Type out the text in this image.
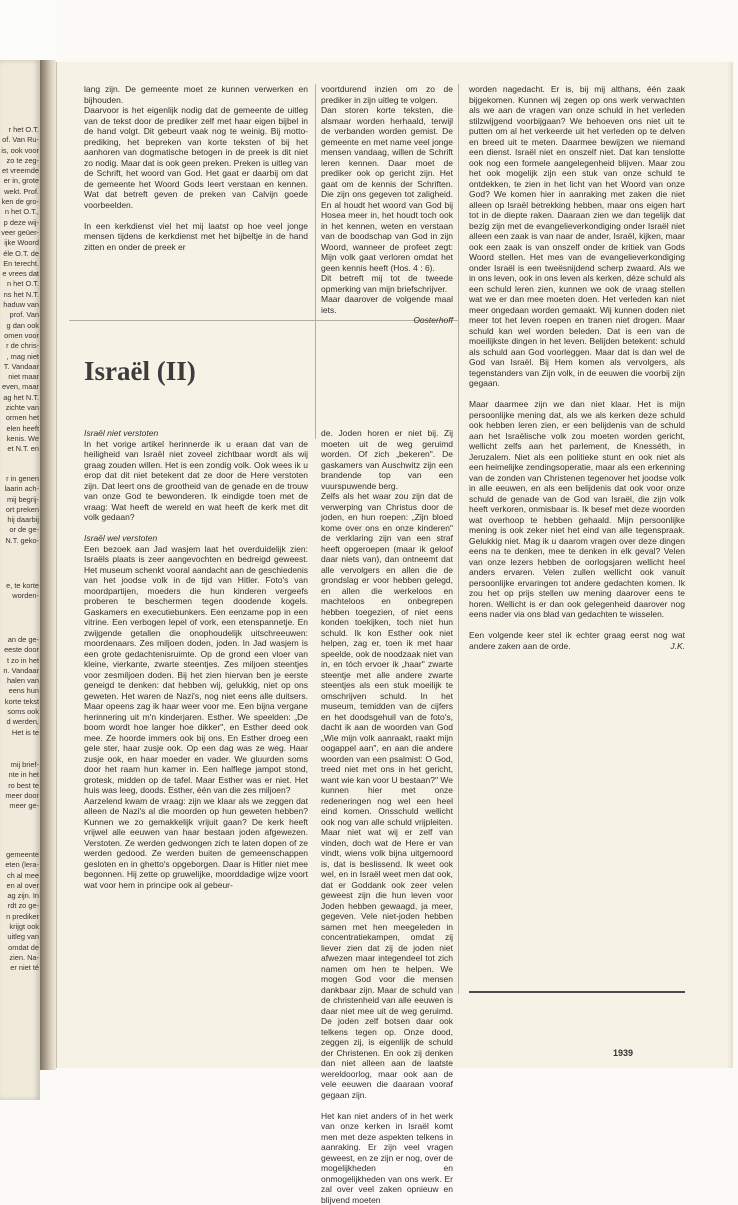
r het O.T.
of. Van Ru-
is, ook voor
zo te zeg-
et vreemde
er in, grote
wekt. Prof.
ken de gro-
n het O.T.,
p deze wij-
veer geüer-
ijke Woord
éle O.T. de
En terecht.
e vrees dat
n het O.T.
ns het N.T.
haduw van
prof. Van
g dan ook
omen voor
r de chris-
, mag niet
T. Vandaar
niet maar
even, maar
ag het N.T.
zichte van
ormen het
elen heeft
kenis. We
et N.T. en
r in genen
laarin ach-
mij begrij-
ort preken
hij daarbij
or de ge-
N.T. geko-
e, te korte
worden-
an de ge-
eeste door
t zo in het
n. Vandaar
halen van
eens hun
korte tekst
soms ook
d werden,
Het is te
mij brief-
nte in het
ro best te
meer door
meer ge-
gemeente
eten (lera-
ch al mee
en al over
ag zijn. In
rdt zo ge-
n prediker
krijgt ook
uitleg van
omdat de
zien. Na-
er niet té

lang zijn. De gemeente moet ze kunnen verwerken en bijhouden.

Daarvoor is het eigenlijk nodig dat de gemeente de uitleg van de tekst door de prediker zelf met haar eigen bijbel in de hand volgt. Dit gebeurt vaak nog te weinig. Bij motto-prediking, het bepreken van korte teksten of bij het aanhoren van dogmatische betogen in de preek is dit niet zo nodig. Maar dat is ook geen preken. Preken is uitleg van de Schrift, het woord van God. Het gaat er daarbij om dat de gemeente het Woord Gods leert verstaan en kennen. Wat dat betreft geven de preken van Calvijn goede voorbeelden.

In een kerkdienst viel het mij laatst op hoe veel jonge mensen tijdens de kerkdienst met het bijbeltje in de hand zitten en onder de preek er

voortdurend inzien om zo de prediker in zijn uitleg te volgen.

Dan storen korte teksten, die alsmaar worden herhaald, terwijl de verbanden worden gemist. De gemeente en met name veel jonge mensen vandaag, willen de Schrift leren kennen. Daar moet de prediker ook op gericht zijn. Het gaat om de kennis der Schriften. Die zijn ons gegeven tot zaligheid. En al houdt het woord van God bij Hosea meer in, het houdt toch ook in het kennen, weten en verstaan van de boodschap van God in zijn Woord, wanneer de profeet zegt: Mijn volk gaat verloren omdat het geen kennis heeft (Hos. 4 : 6).

Dit betreft mij tot de tweede opmerking van mijn briefschrijver.

Maar daarover de volgende maal iets.

Oosterhoff

Israël (II)

Israël niet verstoten

In het vorige artikel herinnerde ik u eraan dat van de heiligheid van Israël niet zoveel zichtbaar wordt als wij graag zouden willen. Het is een zondig volk. Ook wees ik u erop dat dit niet betekent dat ze door de Here verstoten zijn. Dat leert ons de grootheid van de genade en de trouw van onze God te bewonderen. Ik eindigde toen met de vraag: Wat heeft de wereld en wat heeft de kerk met dit volk gedaan?

Israël wel verstoten

Een bezoek aan Jad wasjem laat het overduidelijk zien: Israëls plaats is zeer aangevochten en bedreigd geweest. Het museum schenkt vooral aandacht aan de geschiedenis van het joodse volk in de tijd van Hitler. Foto's van moordpartijen, moeders die hun kinderen vergeefs proberen te beschermen tegen doodende kogels. Gaskamers en executiebunkers. Een eenzame pop in een vitrine. Een verbogen lepel of vork, een etenspannetje. En zwijgende getallen die onophoudelijk uitschreeuwen: moordenaars. Zes miljoen doden, joden. In Jad wasjem is een grote gedachtenisruimte. Op de grond een vloer van kleine, vierkante, zwarte steentjes. Zes miljoen steentjes voor zesmiljoen doden. Bij het zien hiervan ben je eerste geneigd te denken: dat hebben wij, gelukkig, niet op ons geweten. Het waren de Nazi's, nog niet eens alle duitsers. Maar opeens zag ik haar weer voor me. Een bijna vergane herinnering uit m'n kinderjaren. Esther. We speelden: „De boom wordt hoe langer hoe dikker", en Esther deed ook mee. Ze hoorde immers ook bij ons. En Esther droeg een gele ster, haar zusje ook. Op een dag was ze weg. Haar zusje ook, en haar moeder en vader. We gluurden soms door het raam hun kamer in. Een halflege jampot stond, grotesk, midden op de tafel. Maar Esther was er niet. Het huis was leeg, doods. Esther, één van die zes miljoen?

Aarzelend kwam de vraag: zijn we klaar als we zeggen dat alleen de Nazi's al die moorden op hun geweten hebben? Kunnen we zo gemakkelijk vrijuit gaan? De kerk heeft vrijwel alle eeuwen van haar bestaan joden afgewezen. Verstoten. Ze werden gedwongen zich te laten dopen of ze werden gedood. Ze werden buiten de gemeenschappen gesloten en in ghetto's opgeborgen. Daar is Hitler niet mee begonnen. Hij zette op gruwelijke, moorddadige wijze voort wat voor hem in principe ook al gebeur-

de. Joden horen er niet bij. Zij moeten uit de weg geruimd worden. Of zich „bekeren". De gaskamers van Auschwitz zijn een brandende top van een vuurspuwende berg.

Zelfs als het waar zou zijn dat de verwerping van Christus door de joden, en hun roepen: „Zijn bloed kome over ons en onze kinderen" de verklaring zijn van een straf heeft opgeroepen (maar ik geloof daar niets van), dan ontneemt dat alle vervolgers en allen die de grondslag er voor hebben gelegd, en allen die werkeloos en machteloos en onbegrepen hebben toegezien, of niet eens konden toekijken, toch niet hun schuld. Ik kon Esther ook niet helpen, zag er, toen ik met haar speelde, ook de noodzaak niet van in, en tóch ervoer ik „haar" zwarte steentje met alle andere zwarte steentjes als een stuk moeilijk te omschrijven schuld. In het museum, temidden van de cijfers en het doodsgehuil van de foto's, dacht ik aan de woorden van God „Wie mijn volk aanraakt, raakt mijn oogappel aan", en aan die andere woorden van een psalmist: O God, treed niet met ons in het gericht, want wie kan voor U bestaan?" We kunnen hier met onze redeneringen nog wel een heel eind komen. Onsschuld wellicht ook nog van alle schuld vrijpleiten. Maar niet wat wij er zelf van vinden, doch wat de Here er van vindt, wiens volk bijna uitgemoord is, dat is beslissend. Ik weet ook wel, en in Israël weet men dat ook, dat er Goddank ook zeer velen geweest zijn die hun leven voor Joden hebben gewaagd, ja meer, gegeven. Vele niet-joden hebben samen met hen meegeleden in concentratiekampen, omdat zij liever zien dat zij de joden niet afwezen maar integendeel tot zich namen om hen te helpen. We mogen God voor die mensen dankbaar zijn. Maar de schuld van de christenheid van alle eeuwen is daar niet mee uit de weg geruimd. De joden zelf botsen daar ook telkens tegen op. Onze dood, zeggen zij, is eigenlijk de schuld der Christenen. En ook zij denken dan niet alleen aan de laatste wereldoorlog, maar ook aan de vele eeuwen die daaraan vooraf gegaan zijn.

Het kan niet anders of in het werk van onze kerken in Israël komt men met deze aspekten telkens in aanraking. Er zijn veel vragen geweest, en ze zijn er nog, over de mogelijkheden en onmogelijkheden van ons werk. Er zal over veel zaken opnieuw en blijvend moeten

worden nagedacht. Er is, bij mij althans, één zaak bijgekomen. Kunnen wij zegen op ons werk verwachten als we aan de vragen van onze schuld in het verleden stilzwijgend voorbijgaan? We behoeven ons niet uit te putten om al het verkeerde uit het verleden op te delven en breed uit te meten. Daarmee bewijzen we niemand een dienst. Israël niet en onszelf niet. Dat kan tenslotte ook nog een formele aangelegenheid blijven. Maar zou het ook mogelijk zijn een stuk van onze schuld te ontdekken, te zien in het licht van het Woord van onze God? We komen hier in aanraking met zaken die niet alleen op Israël betrekking hebben, maar ons eigen hart tot in de diepte raken. Daaraan zien we dan tegelijk dat bezig zijn met de evangelieverkondiging onder Israël niet alleen een zaak is van naar de ander, Israël, kijken, maar ook een zaak is van onszelf onder de kritiek van Gods Woord stellen. Het mes van de evangelieverkondiging onder Israël is een tweësnijdend scherp zwaard. Als we in ons leven, ook in ons leven als kerken, déze schuld als een schuld leren zien, kunnen we ook de vraag stellen wat we er dan mee moeten doen. Het verleden kan niet meer ongedaan worden gemaakt. Wij kunnen doden niet meer tot het leven roepen en tranen niet drogen. Maar schuld kan wel worden beleden. Dat is een van de moeilijkste dingen in het leven. Belijden betekent: schuld als schuld aan God voorleggen. Maar dat is dan wel de God van Israël. Bij Hem komen als vervolgers, als tegenstanders van Zijn volk, in de eeuwen die voorbij zijn gegaan.

Maar daarmee zijn we dan niet klaar. Het is mijn persoonlijke mening dat, als we als kerken deze schuld ook hebben leren zien, er een belijdenis van de schuld aan het Israëlische volk zou moeten worden gericht, wellicht zelfs aan het parlement, de Knesséth, in Jeruzalem. Niet als een politieke stunt en ook niet als een heimelijke zendingsoperatie, maar als een erkenning van de zonden van Christenen tegenover het joodse volk in alle eeuwen, en als een belijdenis dat ook voor onze schuld de genade van de God van Israël, die zijn volk heeft verkoren, onmisbaar is. Ik besef met deze woorden wat overhoop te hebben gehaald. Mijn persoonlijke mening is ook zeker niet het eind van alle tegenspraak. Gelukkig niet. Mag ik u daarom vragen over deze dingen eens na te denken, mee te denken in elk geval? Velen van onze lezers hebben de oorlogsjaren wellicht heel anders ervaren. Velen zullen wellicht ook vanuit persoonlijke ervaringen tot andere gedachten komen. Ik zou het op prijs stellen uw mening daarover eens te horen. Wellicht is er dan ook gelegenheid daarover nog eens nader via ons blad van gedachten te wisselen.

Een volgende keer stel ik echter graag eerst nog wat andere zaken aan de orde.	J.K.

1939
